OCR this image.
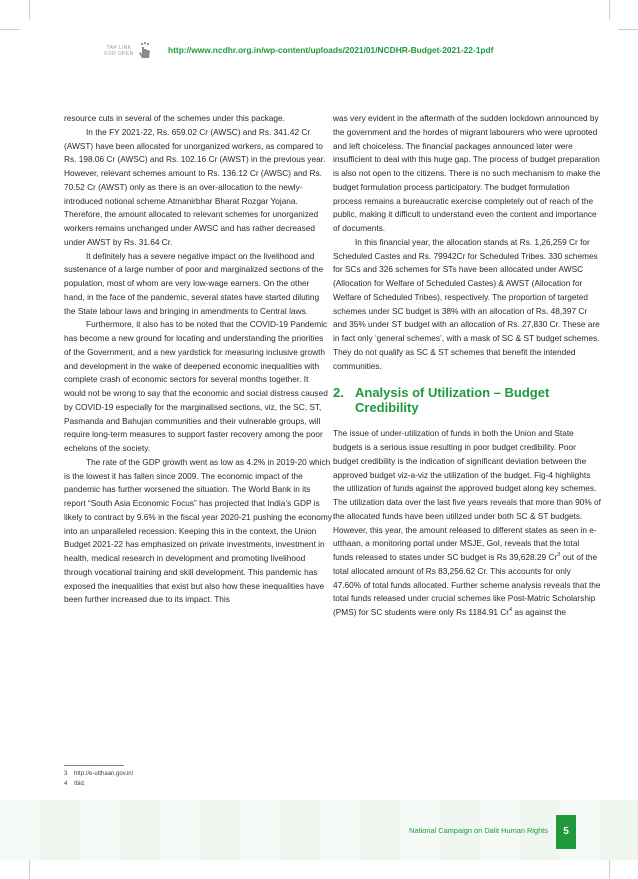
TAP LINK
FOR OPEN	http://www.ncdhr.org.in/wp-content/uploads/2021/01/NCDHR-Budget-2021-22-1pdf

resource cuts in several of the schemes under this package.

In the FY 2021-22, Rs. 659.02 Cr (AWSC) and Rs. 341.42 Cr (AWST) have been allocated for unorganized workers, as compared to Rs. 198.06 Cr (AWSC) and Rs. 102.16 Cr (AWST) in the previous year. However, relevant schemes amount to Rs. 136.12 Cr (AWSC) and Rs. 70.52 Cr (AWST) only as there is an over-allocation to the newly-introduced notional scheme Atmanirbhar Bharat Rozgar Yojana. Therefore, the amount allocated to relevant schemes for unorganized workers remains unchanged under AWSC and has rather decreased under AWST by Rs. 31.64 Cr.

It definitely has a severe negative impact on the livelihood and sustenance of a large number of poor and marginalized sections of the population, most of whom are very low-wage earners. On the other hand, in the face of the pandemic, several states have started diluting the State labour laws and bringing in amendments to Central laws.

Furthermore, it also has to be noted that the COVID-19 Pandemic has become a new ground for locating and understanding the priorities of the Government, and a new yardstick for measuring inclusive growth and development in the wake of deepened economic inequalities with complete crash of economic sectors for several months together. It would not be wrong to say that the economic and social distress caused by COVID-19 especially for the marginalised sections, viz, the SC, ST, Pasmanda and Bahujan communities and their vulnerable groups, will require long-term measures to support faster recovery among the poor echelons of the society.

The rate of the GDP growth went as low as 4.2% in 2019-20 which is the lowest it has fallen since 2009. The economic impact of the pandemic has further worsened the situation. The World Bank in its report “South Asia Economic Focus” has projected that India’s GDP is likely to contract by 9.6% in the fiscal year 2020-21 pushing the economy into an unparalleled recession. Keeping this in the context, the Union Budget 2021-22 has emphasized on private investments, investment in health, medical research in development and promoting livelihood through vocational training and skill development. This pandemic has exposed the inequalities that exist but also how these inequalities have been further increased due to its impact. This

was very evident in the aftermath of the sudden lockdown announced by the government and the hordes of migrant labourers who were uprooted and left choiceless. The financial packages announced later were insufficient to deal with this huge gap. The process of budget preparation is also not open to the citizens. There is no such mechanism to make the budget formulation process participatory. The budget formulation process remains a bureaucratic exercise completely out of reach of the public, making it difficult to understand even the content and importance of documents.

In this financial year, the allocation stands at Rs. 1,26,259 Cr for Scheduled Castes and Rs. 79942Cr for Scheduled Tribes. 330 schemes for SCs and 326 schemes for STs have been allocated under AWSC (Allocation for Welfare of Scheduled Castes) & AWST (Allocation for Welfare of Scheduled Tribes), respectively. The proportion of targeted schemes under SC budget is 38% with an allocation of Rs. 48,397 Cr and 35% under ST budget with an allocation of Rs. 27,830 Cr. These are in fact only ‘general schemes’, with a mask of SC & ST budget schemes. They do not qualify as SC & ST schemes that benefit the intended communities.

2. Analysis of Utilization – Budget Credibility

The issue of under-utilization of funds in both the Union and State budgets is a serious issue resulting in poor budget credibility. Poor budget credibility is the indication of significant deviation between the approved budget viz-a-viz the utilization of the budget. Fig-4 highlights the utilization of funds against the approved budget along key schemes. The utilization data over the last five years reveals that more than 90% of the allocated funds have been utilized under both SC & ST budgets. However, this year, the amount released to different states as seen in e-utthaan, a monitoring portal under MSJE, GoI, reveals that the total funds released to states under SC budget is Rs 39,628.29 Cr$^3$ out of the total allocated amount of Rs 83,256.62 Cr. This accounts for only 47.60% of total funds allocated. Further scheme analysis reveals that the total funds released under crucial schemes like Post-Matric Scholarship (PMS) for SC students were only Rs 1184.91 Cr$^4$ as against the

3 http://e-utthaan.gov.in/
4 Ibid.
National Campaign on Dalit Human Rights	5
